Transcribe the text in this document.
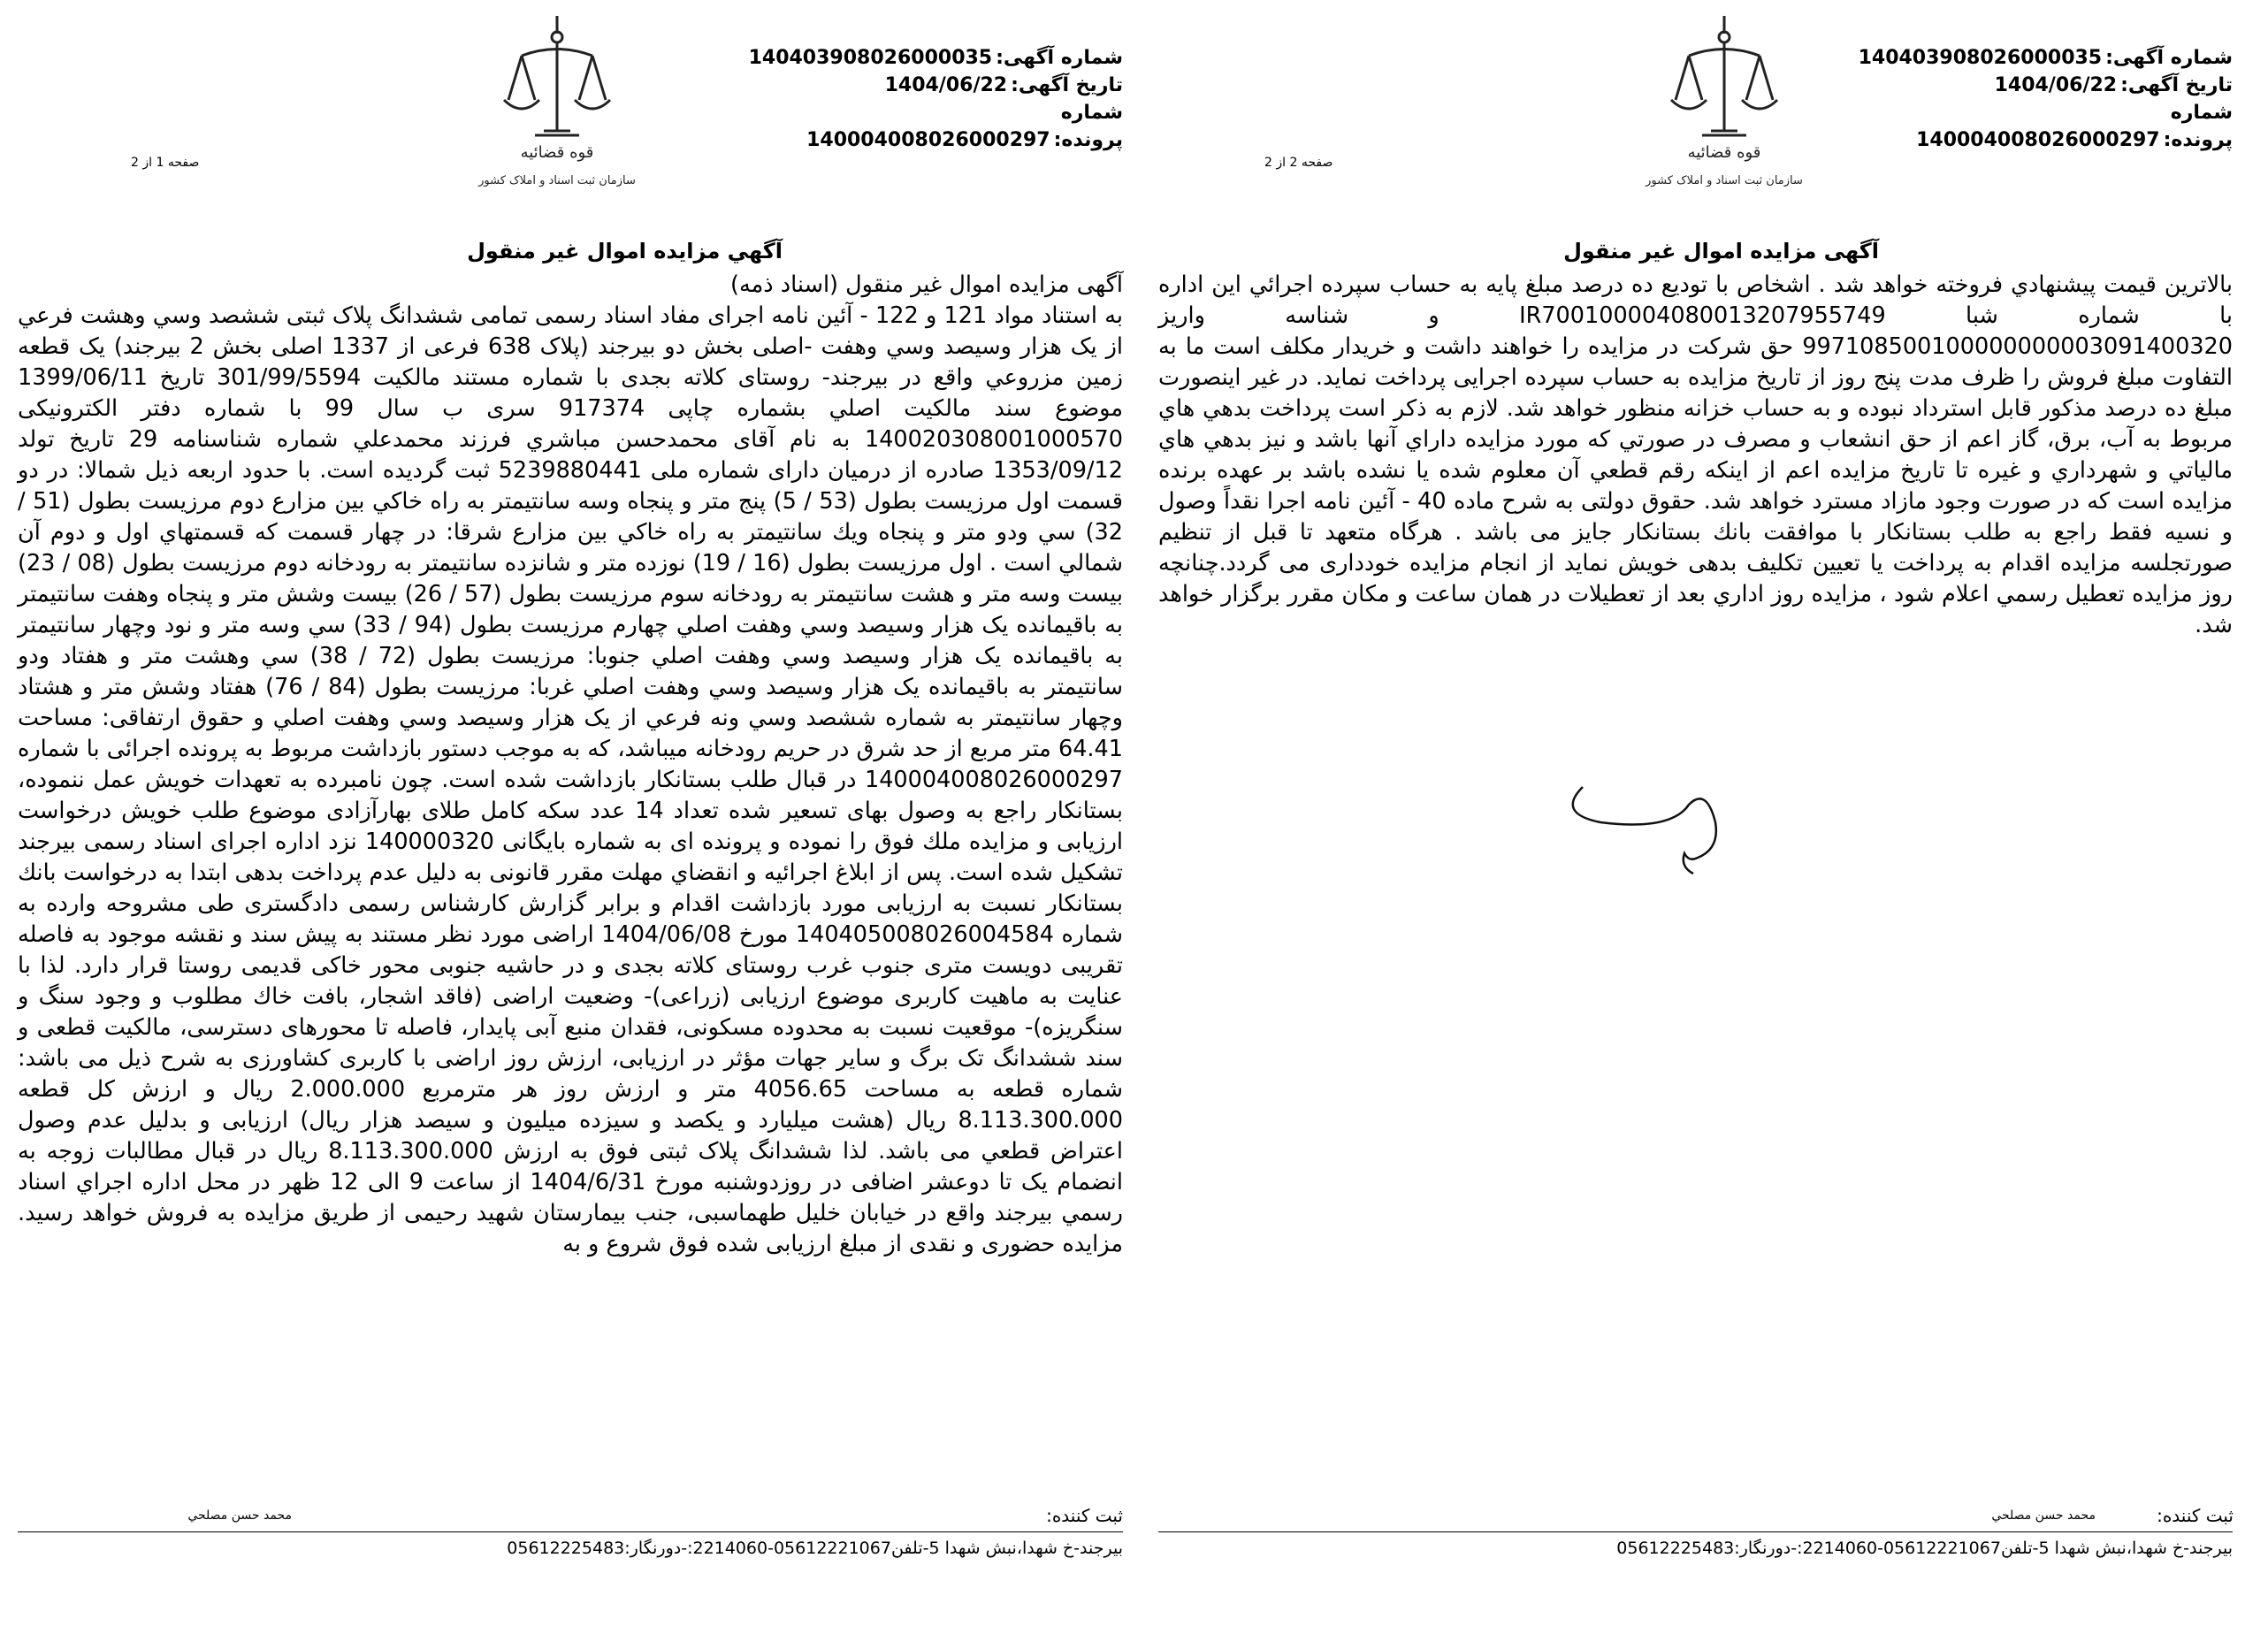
شماره آگهی:140403908026000035
تاریخ آگهی:1404/06/22
شماره پرونده:140004008026000297
قوه قضائیه
سازمان ثبت اسناد و املاک کشور
صفحه 2 از 2
آگهی مزایده اموال غیر منقول

بالاترين قيمت پيشنهادي فروخته خواهد شد . اشخاص با توديع ده درصد مبلغ پايه به حساب سپرده اجرائي اين اداره با شماره شبا IR700100004080013207955749 و شناسه واريز 997108500100000000003091400320 حق شركت در مزايده را خواهند داشت و خريدار مكلف است ما به التفاوت مبلغ فروش را ظرف مدت پنج روز از تاريخ مزايده به حساب سپرده اجرايى پرداخت نمايد. در غير اينصورت مبلغ ده درصد مذكور قابل استرداد نبوده و به حساب خزانه منظور خواهد شد. لازم به ذكر است پرداخت بدهي هاي مربوط به آب، برق، گاز اعم از حق انشعاب و مصرف در صورتي كه مورد مزايده داراي آنها باشد و نيز بدهي هاي مالياتي و شهرداري و غيره تا تاريخ مزايده اعم از اينكه رقم قطعي آن معلوم شده يا نشده باشد بر عهده برنده مزايده است كه در صورت وجود مازاد مسترد خواهد شد. حقوق دولتى به شرح ماده 40 - آئين نامه اجرا نقداً وصول و نسيه فقط راجع به طلب بستانكار با موافقت بانك بستانكار جايز مى باشد . هرگاه متعهد تا قبل از تنظيم صورتجلسه مزايده اقدام به پرداخت يا تعيين تكليف بدهى خويش نمايد از انجام مزايده خوددارى مى گردد.چنانچه روز مزايده تعطيل رسمي اعلام شود ، مزايده روز اداري بعد از تعطيلات در همان ساعت و مكان مقرر برگزار خواهد شد.

ثبت کننده:
محمد حسن مصلحي
بيرجند-خ شهدا،نبش شهدا 5-تلفن05612221067-2214060:-دورنگار:05612225483
شماره آگهی:140403908026000035
تاریخ آگهی:1404/06/22
شماره پرونده:140004008026000297
قوه قضائیه
سازمان ثبت اسناد و املاک کشور
صفحه 1 از 2
آگهي مزايده اموال غير منقول

آگهی مزايده اموال غير منقول (اسناد ذمه)

به استناد مواد 121 و 122 - آئين نامه اجراى مفاد اسناد رسمى تمامى ششدانگ پلاک ثبتى ششصد وسي وهشت فرعي از يک هزار وسيصد وسي وهفت -اصلى بخش دو بيرجند (پلاک 638 فرعى از 1337 اصلى بخش 2 بيرجند) يک قطعه زمين مزروعي واقع در بيرجند- روستاى کلاته بجدى با شماره مستند مالکيت 301/99/5594 تاريخ 1399/06/11 موضوع سند مالکيت اصلي بشماره چاپى 917374 سرى ب سال 99 با شماره دفتر الکترونيکى 140020308001000570 به نام آقاى محمدحسن مباشري فرزند محمدعلي شماره شناسنامه 29 تاريخ تولد 1353/09/12 صادره از درميان داراى شماره ملى 5239880441 ثبت گرديده است. با حدود اربعه ذيل شمالا: در دو قسمت اول مرزيست بطول (53 / 5) پنج متر و پنجاه وسه سانتيمتر به راه خاكي بين مزارع دوم مرزيست بطول (51 / 32) سي ودو متر و پنجاه ويك سانتيمتر به راه خاكي بين مزارع شرقا: در چهار قسمت كه قسمتهاي اول و دوم آن شمالي است . اول مرزيست بطول (16 / 19) نوزده متر و شانزده سانتيمتر به رودخانه دوم مرزيست بطول (08 / 23) بيست وسه متر و هشت سانتيمتر به رودخانه سوم مرزيست بطول (57 / 26) بيست وشش متر و پنجاه وهفت سانتيمتر به باقيمانده يک هزار وسيصد وسي وهفت اصلي چهارم مرزيست بطول (94 / 33) سي وسه متر و نود وچهار سانتيمتر به باقيمانده يک هزار وسيصد وسي وهفت اصلي جنوبا: مرزيست بطول (72 / 38) سي وهشت متر و هفتاد ودو سانتيمتر به باقيمانده يک هزار وسيصد وسي وهفت اصلي غربا: مرزيست بطول (84 / 76) هفتاد وشش متر و هشتاد وچهار سانتيمتر به شماره ششصد وسي ونه فرعي از يک هزار وسيصد وسي وهفت اصلي و حقوق ارتفاقى: مساحت 64.41 متر مربع از حد شرق در حريم رودخانه ميباشد، كه به موجب دستور بازداشت مربوط به پرونده اجرائى با شماره 140004008026000297 در قبال طلب بستانكار بازداشت شده است. چون نامبرده به تعهدات خويش عمل ننموده، بستانكار راجع به وصول بهاى تسعير شده تعداد 14 عدد سكه كامل طلاى بهارآزادى موضوع طلب خويش درخواست ارزيابى و مزايده ملك فوق را نموده و پرونده اى به شماره بايگانى 140000320 نزد اداره اجراى اسناد رسمى بيرجند تشكيل شده است. پس از ابلاغ اجرائيه و انقضاي مهلت مقرر قانونى به دليل عدم پرداخت بدهى ابتدا به درخواست بانك بستانكار نسبت به ارزيابى مورد بازداشت اقدام و برابر گزارش كارشناس رسمى دادگسترى طى مشروحه وارده به شماره 140405008026004584 مورخ 1404/06/08 اراضى مورد نظر مستند به پيش سند و نقشه موجود به فاصله تقريبى دويست مترى جنوب غرب روستاى كلاته بجدى و در حاشيه جنوبى محور خاكى قديمى روستا قرار دارد. لذا با عنايت به ماهيت كاربرى موضوع ارزيابى (زراعى)- وضعيت اراضى (فاقد اشجار، بافت خاك مطلوب و وجود سنگ و سنگريزه)- موقعيت نسبت به محدوده مسكونى، فقدان منبع آبى پايدار، فاصله تا محورهاى دسترسى، مالكيت قطعى و سند ششدانگ تک برگ و ساير جهات مؤثر در ارزيابى، ارزش روز اراضى با كاربرى كشاورزى به شرح ذيل مى باشد: شماره قطعه به مساحت 4056.65 متر و ارزش روز هر مترمربع 2.000.000 ريال و ارزش كل قطعه 8.113.300.000 ريال (هشت ميليارد و يكصد و سيزده ميليون و سيصد هزار ريال) ارزيابى و بدليل عدم وصول اعتراض قطعي مى باشد. لذا ششدانگ پلاک ثبتى فوق به ارزش 8.113.300.000 ريال در قبال مطالبات زوجه به انضمام يک تا دوعشر اضافى در روزدوشنبه مورخ 1404/6/31 از ساعت 9 الى 12 ظهر در محل اداره اجراي اسناد رسمي بيرجند واقع در خيابان خليل طهماسبى، جنب بيمارستان شهيد رحيمى از طريق مزايده به فروش خواهد رسيد. مزايده حضورى و نقدى از مبلغ ارزيابى شده فوق شروع و به

ثبت کننده:
محمد حسن مصلحي
بيرجند-خ شهدا،نبش شهدا 5-تلفن05612221067-2214060:-دورنگار:05612225483
